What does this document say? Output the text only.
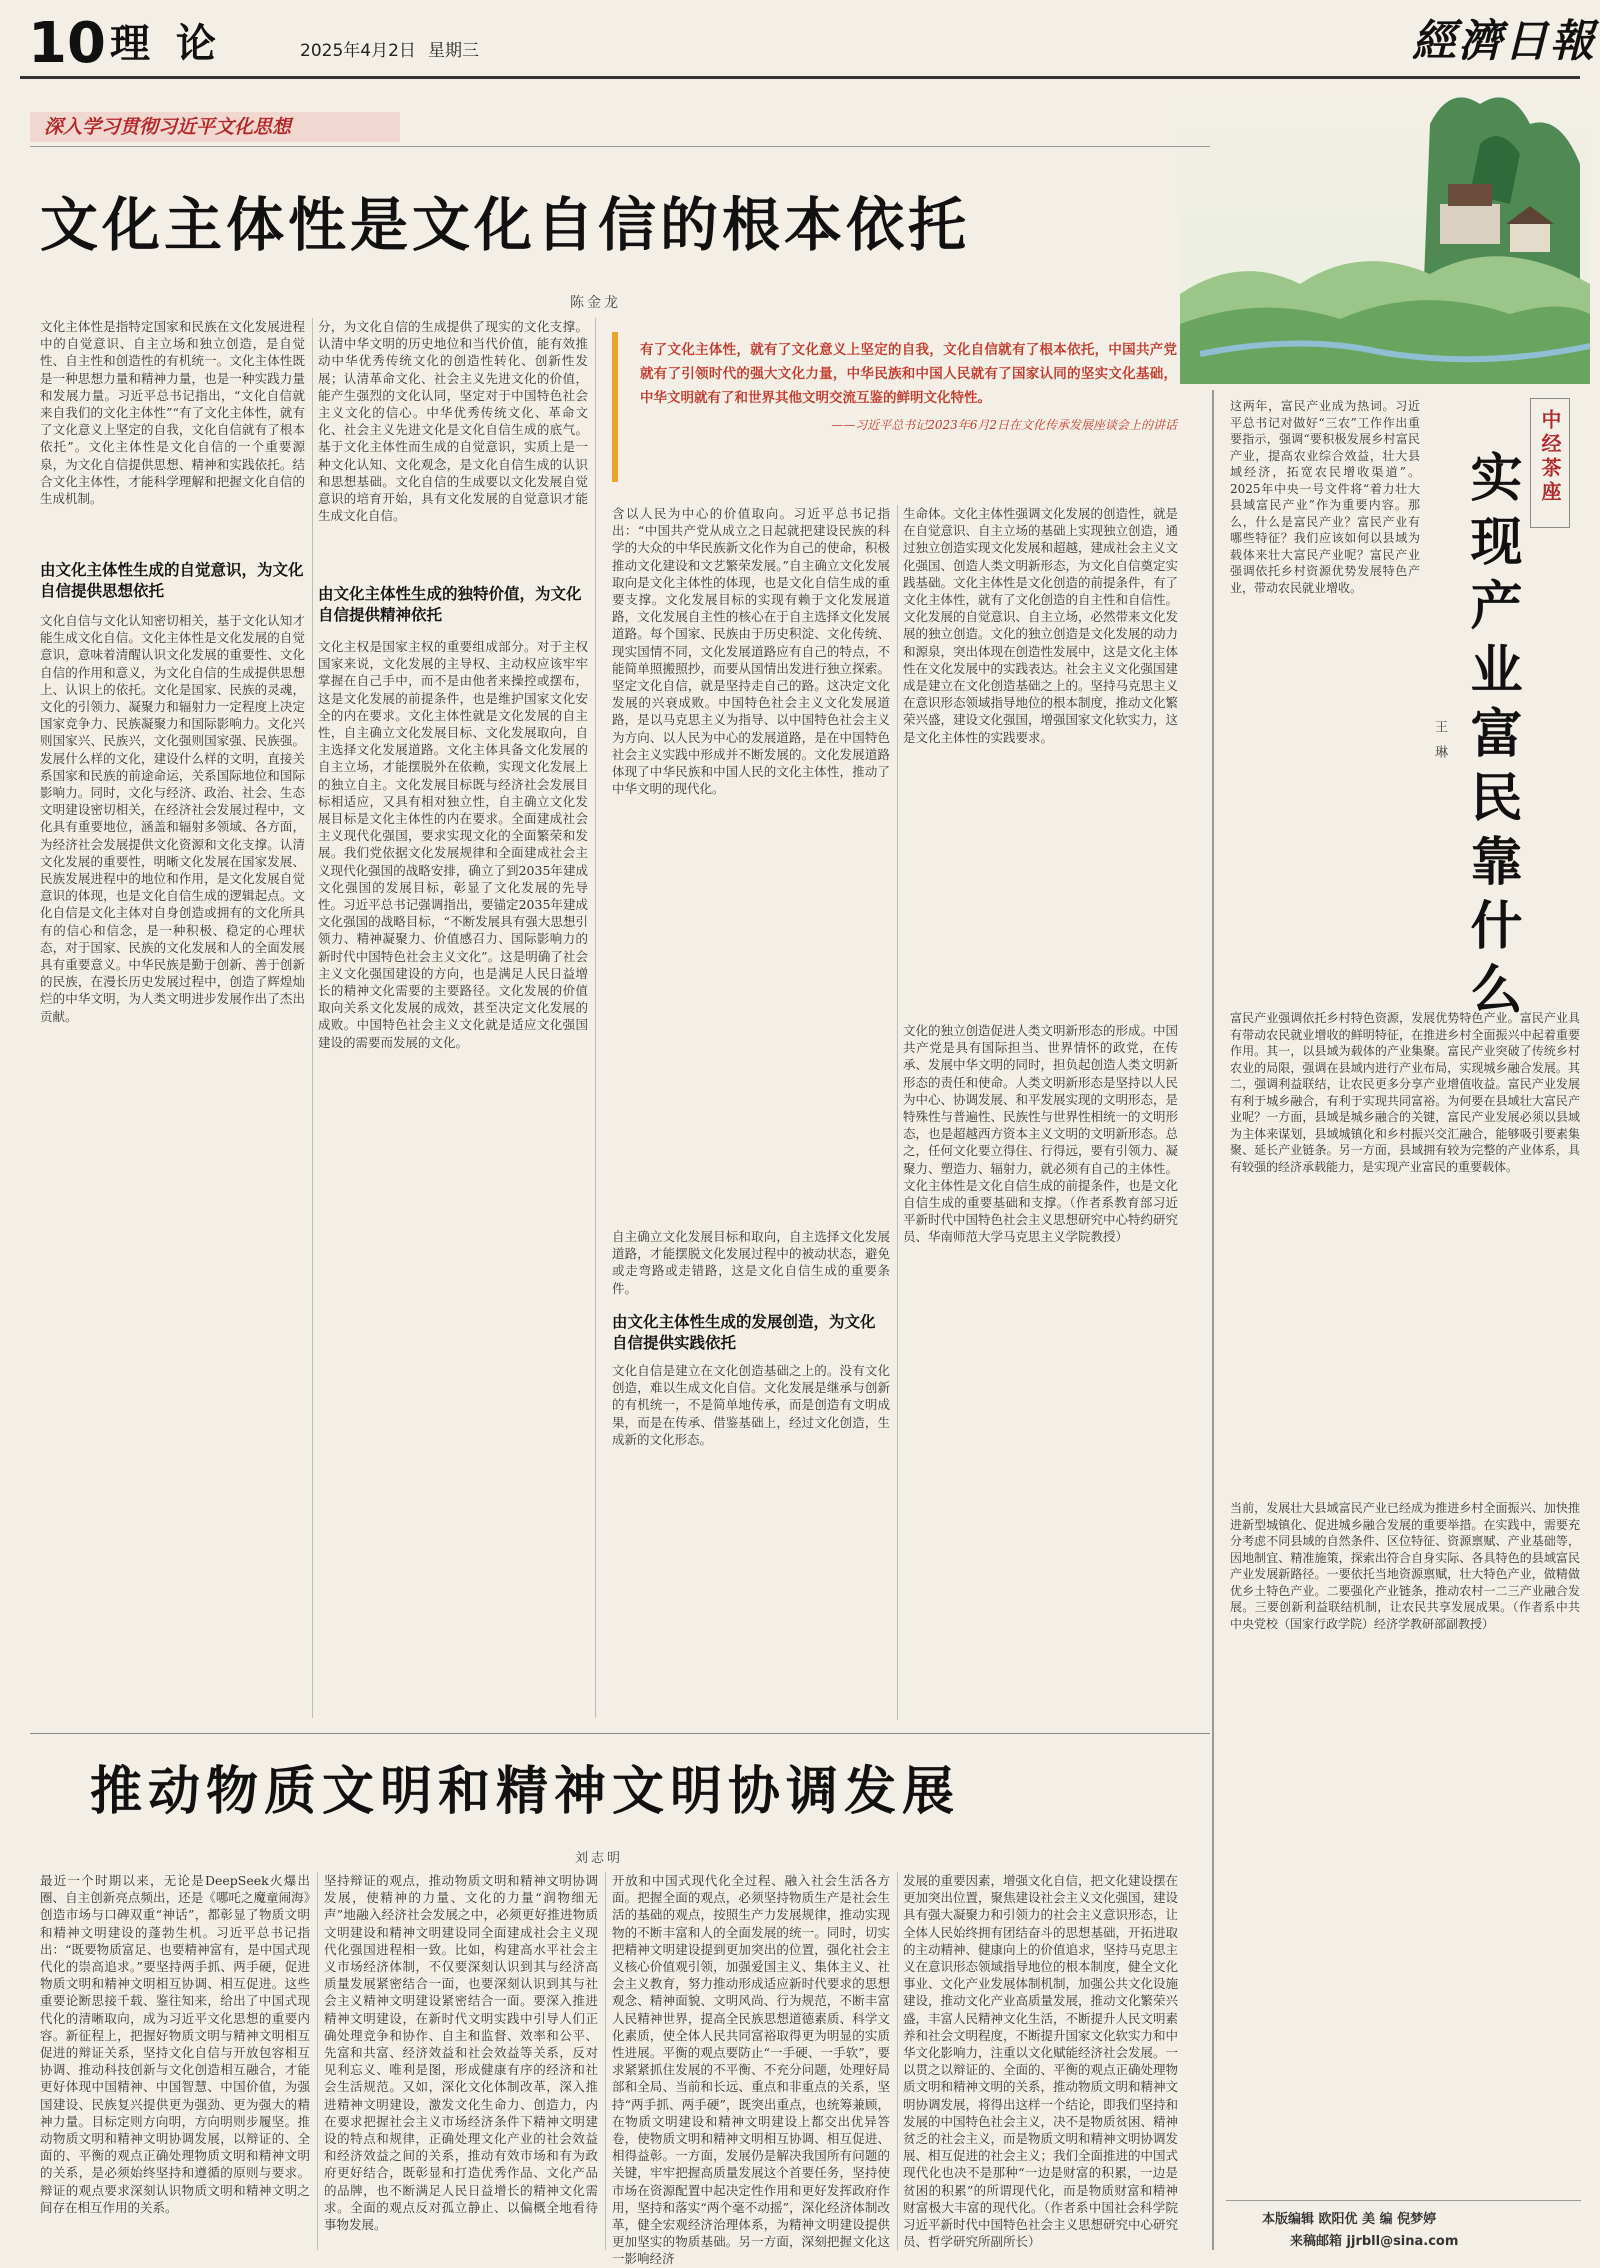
10 理 论	2025年4月2日 星期三	經濟日報
深入学习贯彻习近平文化思想
文化主体性是文化自信的根本依托
陈金龙
文化主体性是指特定国家和民族在文化发展进程中的自觉意识、自主立场和独立创造，是自觉性、自主性和创造性的有机统一。文化主体性既是一种思想力量和精神力量，也是一种实践力量和发展力量。习近平总书记指出，“文化自信就来自我们的文化主体性”“有了文化主体性，就有了文化意义上坚定的自我，文化自信就有了根本依托”。文化主体性是文化自信的一个重要源泉，为文化自信提供思想、精神和实践依托。结合文化主体性，才能科学理解和把握文化自信的生成机制。
由文化主体性生成的自觉意识，为文化自信提供思想依托
文化自信与文化认知密切相关，基于文化认知才能生成文化自信。文化主体性是文化发展的自觉意识，意味着清醒认识文化发展的重要性、文化自信的作用和意义，为文化自信的生成提供思想上、认识上的依托。文化是国家、民族的灵魂，文化的引领力、凝聚力和辐射力一定程度上决定国家竞争力、民族凝聚力和国际影响力。文化兴则国家兴、民族兴，文化强则国家强、民族强。发展什么样的文化，建设什么样的文明，直接关系国家和民族的前途命运，关系国际地位和国际影响力。同时，文化与经济、政治、社会、生态文明建设密切相关，在经济社会发展过程中，文化具有重要地位，涵盖和辐射多领域、各方面，为经济社会发展提供文化资源和文化支撑。认清文化发展的重要性，明晰文化发展在国家发展、民族发展进程中的地位和作用，是文化发展自觉意识的体现，也是文化自信生成的逻辑起点。文化自信是文化主体对自身创造或拥有的文化所具有的信心和信念，是一种积极、稳定的心理状态，对于国家、民族的文化发展和人的全面发展具有重要意义。中华民族是勤于创新、善于创新的民族，在漫长历史发展过程中，创造了辉煌灿烂的中华文明，为人类文明进步发展作出了杰出贡献。
分，为文化自信的生成提供了现实的文化支撑。认清中华文明的历史地位和当代价值，能有效推动中华优秀传统文化的创造性转化、创新性发展；认清革命文化、社会主义先进文化的价值，能产生强烈的文化认同，坚定对于中国特色社会主义文化的信心。中华优秀传统文化、革命文化、社会主义先进文化是文化自信生成的底气。基于文化主体性而生成的自觉意识，实质上是一种文化认知、文化观念，是文化自信生成的认识和思想基础。文化自信的生成要以文化发展自觉意识的培育开始，具有文化发展的自觉意识才能生成文化自信。
由文化主体性生成的独特价值，为文化自信提供精神依托
文化主权是国家主权的重要组成部分。对于主权国家来说，文化发展的主导权、主动权应该牢牢掌握在自己手中，而不是由他者来操控或摆布，这是文化发展的前提条件，也是维护国家文化安全的内在要求。文化主体性就是文化发展的自主性，自主确立文化发展目标、文化发展取向，自主选择文化发展道路。文化主体具备文化发展的自主立场，才能摆脱外在依赖，实现文化发展上的独立自主。文化发展目标既与经济社会发展目标相适应，又具有相对独立性，自主确立文化发展目标是文化主体性的内在要求。全面建成社会主义现代化强国，要求实现文化的全面繁荣和发展。我们党依据文化发展规律和全面建成社会主义现代化强国的战略安排，确立了到2035年建成文化强国的发展目标，彰显了文化发展的先导性。习近平总书记强调指出，要锚定2035年建成文化强国的战略目标，“不断发展具有强大思想引领力、精神凝聚力、价值感召力、国际影响力的新时代中国特色社会主义文化”。这是明确了社会主义文化强国建设的方向，也是满足人民日益增长的精神文化需要的主要路径。文化发展的价值取向关系文化发展的成效，甚至决定文化发展的成败。中国特色社会主义文化就是适应文化强国建设的需要而发展的文化。
有了文化主体性，就有了文化意义上坚定的自我，文化自信就有了根本依托，中国共产党就有了引领时代的强大文化力量，中华民族和中国人民就有了国家认同的坚实文化基础，中华文明就有了和世界其他文明交流互鉴的鲜明文化特性。
——习近平总书记2023年6月2日在文化传承发展座谈会上的讲话
含以人民为中心的价值取向。习近平总书记指出：“中国共产党从成立之日起就把建设民族的科学的大众的中华民族新文化作为自己的使命，积极推动文化建设和文艺繁荣发展。”自主确立文化发展取向是文化主体性的体现，也是文化自信生成的重要支撑。文化发展目标的实现有赖于文化发展道路，文化发展自主性的核心在于自主选择文化发展道路。每个国家、民族由于历史积淀、文化传统、现实国情不同，文化发展道路应有自己的特点，不能简单照搬照抄，而要从国情出发进行独立探索。坚定文化自信，就是坚持走自己的路。这决定文化发展的兴衰成败。中国特色社会主义文化发展道路，是以马克思主义为指导、以中国特色社会主义为方向、以人民为中心的发展道路，是在中国特色社会主义实践中形成并不断发展的。文化发展道路体现了中华民族和中国人民的文化主体性，推动了中华文明的现代化。
自主确立文化发展目标和取向，自主选择文化发展道路，才能摆脱文化发展过程中的被动状态，避免或走弯路或走错路，这是文化自信生成的重要条件。
由文化主体性生成的发展创造，为文化自信提供实践依托
文化自信是建立在文化创造基础之上的。没有文化创造，难以生成文化自信。文化发展是继承与创新的有机统一，不是简单地传承，而是创造有文明成果，而是在传承、借鉴基础上，经过文化创造，生成新的文化形态。
生命体。文化主体性强调文化发展的创造性，就是在自觉意识、自主立场的基础上实现独立创造，通过独立创造实现文化发展和超越，建成社会主义文化强国、创造人类文明新形态，为文化自信奠定实践基础。文化主体性是文化创造的前提条件，有了文化主体性，就有了文化创造的自主性和自信性。文化发展的自觉意识、自主立场，必然带来文化发展的独立创造。文化的独立创造是文化发展的动力和源泉，突出体现在创造性发展中，这是文化主体性在文化发展中的实践表达。社会主义文化强国建成是建立在文化创造基础之上的。坚持马克思主义在意识形态领域指导地位的根本制度，推动文化繁荣兴盛，建设文化强国，增强国家文化软实力，这是文化主体性的实践要求。
文化的独立创造促进人类文明新形态的形成。中国共产党是具有国际担当、世界情怀的政党，在传承、发展中华文明的同时，担负起创造人类文明新形态的责任和使命。人类文明新形态是坚持以人民为中心、协调发展、和平发展实现的文明形态，是特殊性与普遍性、民族性与世界性相统一的文明形态，也是超越西方资本主义文明的文明新形态。总之，任何文化要立得住、行得远，要有引领力、凝聚力、塑造力、辐射力，就必须有自己的主体性。文化主体性是文化自信生成的前提条件，也是文化自信生成的重要基础和支撑。（作者系教育部习近平新时代中国特色社会主义思想研究中心特约研究员、华南师范大学马克思主义学院教授）
推动物质文明和精神文明协调发展
刘志明
最近一个时期以来，无论是DeepSeek火爆出圈、自主创新亮点频出，还是《哪吒之魔童闹海》创造市场与口碑双重“神话”，都彰显了物质文明和精神文明建设的蓬勃生机。习近平总书记指出：“既要物质富足、也要精神富有，是中国式现代化的崇高追求。”要坚持两手抓、两手硬，促进物质文明和精神文明相互协调、相互促进。这些重要论断思接千载、鉴往知来，给出了中国式现代化的清晰取向，成为习近平文化思想的重要内容。新征程上，把握好物质文明与精神文明相互促进的辩证关系，坚持文化自信与开放包容相互协调、推动科技创新与文化创造相互融合，才能更好体现中国精神、中国智慧、中国价值，为强国建设、民族复兴提供更为强劲、更为强大的精神力量。目标定则方向明，方向明则步履坚。推动物质文明和精神文明协调发展，以辩证的、全面的、平衡的观点正确处理物质文明和精神文明的关系，是必须始终坚持和遵循的原则与要求。辩证的观点要求深刻认识物质文明和精神文明之间存在相互作用的关系。
坚持辩证的观点，推动物质文明和精神文明协调发展，使精神的力量、文化的力量“润物细无声”地融入经济社会发展之中，必须更好推进物质文明建设和精神文明建设同全面建成社会主义现代化强国进程相一致。比如，构建高水平社会主义市场经济体制，不仅要深刻认识到其与经济高质量发展紧密结合一面，也要深刻认识到其与社会主义精神文明建设紧密结合一面。要深入推进精神文明建设，在新时代文明实践中引导人们正确处理竞争和协作、自主和监督、效率和公平、先富和共富、经济效益和社会效益等关系，反对见利忘义、唯利是图，形成健康有序的经济和社会生活规范。又如，深化文化体制改革，深入推进精神文明建设，激发文化生命力、创造力，内在要求把握社会主义市场经济条件下精神文明建设的特点和规律，正确处理文化产业的社会效益和经济效益之间的关系，推动有效市场和有为政府更好结合，既彰显和打造优秀作品、文化产品的品牌，也不断满足人民日益增长的精神文化需求。全面的观点反对孤立静止、以偏概全地看待事物发展。
开放和中国式现代化全过程、融入社会生活各方面。把握全面的观点，必须坚持物质生产是社会生活的基础的观点，按照生产力发展规律，推动实现物的不断丰富和人的全面发展的统一。同时，切实把精神文明建设提到更加突出的位置，强化社会主义核心价值观引领，加强爱国主义、集体主义、社会主义教育，努力推动形成适应新时代要求的思想观念、精神面貌、文明风尚、行为规范，不断丰富人民精神世界，提高全民族思想道德素质、科学文化素质，使全体人民共同富裕取得更为明显的实质性进展。平衡的观点要防止“一手硬、一手软”，要求紧紧抓住发展的不平衡、不充分问题，处理好局部和全局、当前和长远、重点和非重点的关系，坚持“两手抓、两手硬”，既突出重点，也统筹兼顾，在物质文明建设和精神文明建设上都交出优异答卷，使物质文明和精神文明相互协调、相互促进、相得益彰。一方面，发展仍是解决我国所有问题的关键，牢牢把握高质量发展这个首要任务，坚持使市场在资源配置中起决定性作用和更好发挥政府作用，坚持和落实“两个毫不动摇”，深化经济体制改革，健全宏观经济治理体系，为精神文明建设提供更加坚实的物质基础。另一方面，深刻把握文化这一影响经济
发展的重要因素，增强文化自信，把文化建设摆在更加突出位置，聚焦建设社会主义文化强国，建设具有强大凝聚力和引领力的社会主义意识形态，让全体人民始终拥有团结奋斗的思想基础，开拓进取的主动精神、健康向上的价值追求，坚持马克思主义在意识形态领域指导地位的根本制度，健全文化事业、文化产业发展体制机制，加强公共文化设施建设，推动文化产业高质量发展，推动文化繁荣兴盛，丰富人民精神文化生活，不断提升人民文明素养和社会文明程度，不断提升国家文化软实力和中华文化影响力，注重以文化赋能经济社会发展。一以贯之以辩证的、全面的、平衡的观点正确处理物质文明和精神文明的关系，推动物质文明和精神文明协调发展，将得出这样一个结论，即我们坚持和发展的中国特色社会主义，决不是物质贫困、精神贫乏的社会主义，而是物质文明和精神文明协调发展、相互促进的社会主义；我们全面推进的中国式现代化也决不是那种“一边是财富的积累，一边是贫困的积累”的所谓现代化，而是物质财富和精神财富极大丰富的现代化。（作者系中国社会科学院习近平新时代中国特色社会主义思想研究中心研究员、哲学研究所副所长）
中经茶座
实现产业富民靠什么
王 琳
这两年，富民产业成为热词。习近平总书记对做好“三农”工作作出重要指示，强调“要积极发展乡村富民产业，提高农业综合效益，壮大县域经济，拓宽农民增收渠道”。2025年中央一号文件将“着力壮大县域富民产业”作为重要内容。那么，什么是富民产业？富民产业有哪些特征？我们应该如何以县域为载体来壮大富民产业呢？富民产业强调依托乡村资源优势发展特色产业，带动农民就业增收。
富民产业强调依托乡村特色资源，发展优势特色产业。富民产业具有带动农民就业增收的鲜明特征，在推进乡村全面振兴中起着重要作用。其一，以县域为载体的产业集聚。富民产业突破了传统乡村农业的局限，强调在县域内进行产业布局，实现城乡融合发展。其二，强调利益联结，让农民更多分享产业增值收益。富民产业发展有利于城乡融合，有利于实现共同富裕。为何要在县域壮大富民产业呢？一方面，县域是城乡融合的关键，富民产业发展必须以县域为主体来谋划，县域城镇化和乡村振兴交汇融合，能够吸引要素集聚、延长产业链条。另一方面，县域拥有较为完整的产业体系，具有较强的经济承载能力，是实现产业富民的重要载体。
当前，发展壮大县域富民产业已经成为推进乡村全面振兴、加快推进新型城镇化、促进城乡融合发展的重要举措。在实践中，需要充分考虑不同县域的自然条件、区位特征、资源禀赋、产业基础等，因地制宜、精准施策，探索出符合自身实际、各具特色的县域富民产业发展新路径。一要依托当地资源禀赋，壮大特色产业，做精做优乡土特色产业。二要强化产业链条，推动农村一二三产业融合发展。三要创新利益联结机制，让农民共享发展成果。（作者系中共中央党校（国家行政学院）经济学教研部副教授）
本版编辑 欧阳优 美 编 倪梦婷
来稿邮箱 jjrbll@sina.com
